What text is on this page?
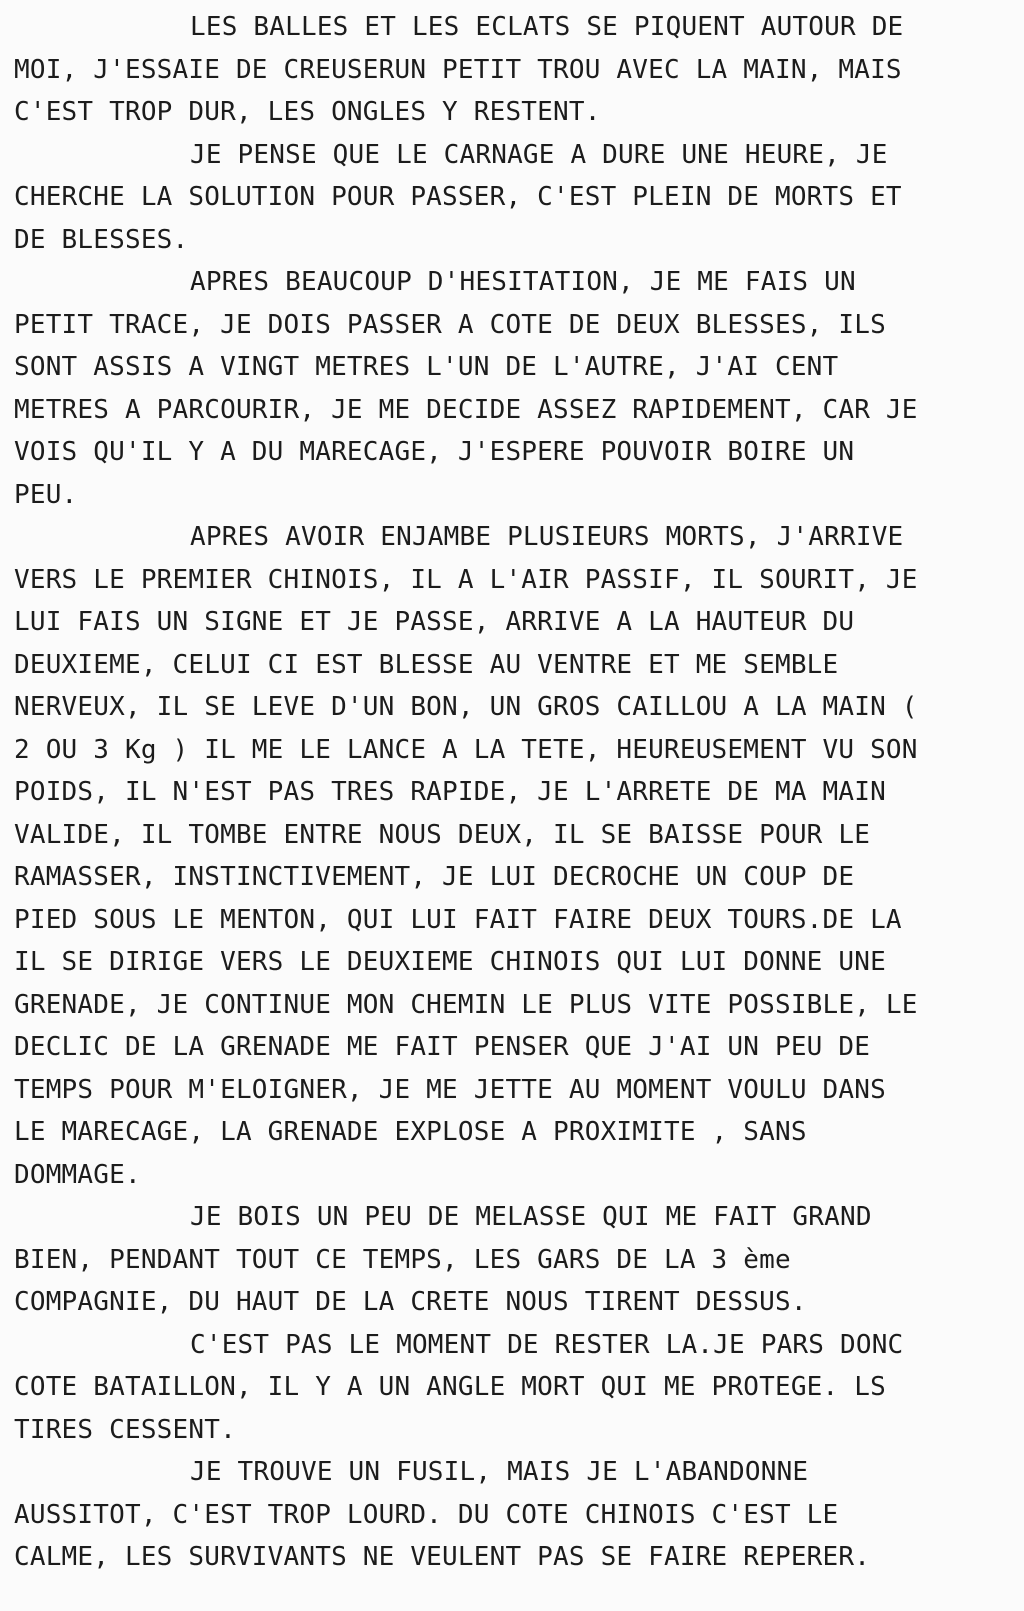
LES BALLES ET LES ECLATS SE PIQUENT AUTOUR DE
MOI, J'ESSAIE DE CREUSERUN PETIT TROU AVEC LA MAIN, MAIS
C'EST TROP DUR, LES ONGLES Y RESTENT.

JE PENSE QUE LE CARNAGE A DURE UNE HEURE, JE
CHERCHE LA SOLUTION POUR PASSER, C'EST PLEIN DE MORTS ET
DE BLESSES.

APRES BEAUCOUP D'HESITATION, JE ME FAIS UN
PETIT TRACE, JE DOIS PASSER A COTE DE DEUX BLESSES, ILS
SONT ASSIS A VINGT METRES L'UN DE L'AUTRE, J'AI CENT
METRES A PARCOURIR, JE ME DECIDE ASSEZ RAPIDEMENT, CAR JE
VOIS QU'IL Y A DU MARECAGE, J'ESPERE POUVOIR BOIRE UN
PEU.

APRES AVOIR ENJAMBE PLUSIEURS MORTS, J'ARRIVE
VERS LE PREMIER CHINOIS, IL A L'AIR PASSIF, IL SOURIT, JE
LUI FAIS UN SIGNE ET JE PASSE, ARRIVE A LA HAUTEUR DU
DEUXIEME, CELUI CI EST BLESSE AU VENTRE ET ME SEMBLE
NERVEUX, IL SE LEVE D'UN BON, UN GROS CAILLOU A LA MAIN (
2 OU 3 Kg ) IL ME LE LANCE A LA TETE, HEUREUSEMENT VU SON
POIDS, IL N'EST PAS TRES RAPIDE, JE L'ARRETE DE MA MAIN
VALIDE, IL TOMBE ENTRE NOUS DEUX, IL SE BAISSE POUR LE
RAMASSER, INSTINCTIVEMENT, JE LUI DECROCHE UN COUP DE
PIED SOUS LE MENTON, QUI LUI FAIT FAIRE DEUX TOURS.DE LA
IL SE DIRIGE VERS LE DEUXIEME CHINOIS QUI LUI DONNE UNE
GRENADE, JE CONTINUE MON CHEMIN LE PLUS VITE POSSIBLE, LE
DECLIC DE LA GRENADE ME FAIT PENSER QUE J'AI UN PEU DE
TEMPS POUR M'ELOIGNER, JE ME JETTE AU MOMENT VOULU DANS
LE MARECAGE, LA GRENADE EXPLOSE A PROXIMITE , SANS
DOMMAGE.

JE BOIS UN PEU DE MELASSE QUI ME FAIT GRAND
BIEN, PENDANT TOUT CE TEMPS, LES GARS DE LA 3 ème
COMPAGNIE, DU HAUT DE LA CRETE NOUS TIRENT DESSUS.

C'EST PAS LE MOMENT DE RESTER LA.JE PARS DONC
COTE BATAILLON, IL Y A UN ANGLE MORT QUI ME PROTEGE. LS
TIRES CESSENT.

JE TROUVE UN FUSIL, MAIS JE L'ABANDONNE
AUSSITOT, C'EST TROP LOURD. DU COTE CHINOIS C'EST LE
CALME, LES SURVIVANTS NE VEULENT PAS SE FAIRE REPERER.
